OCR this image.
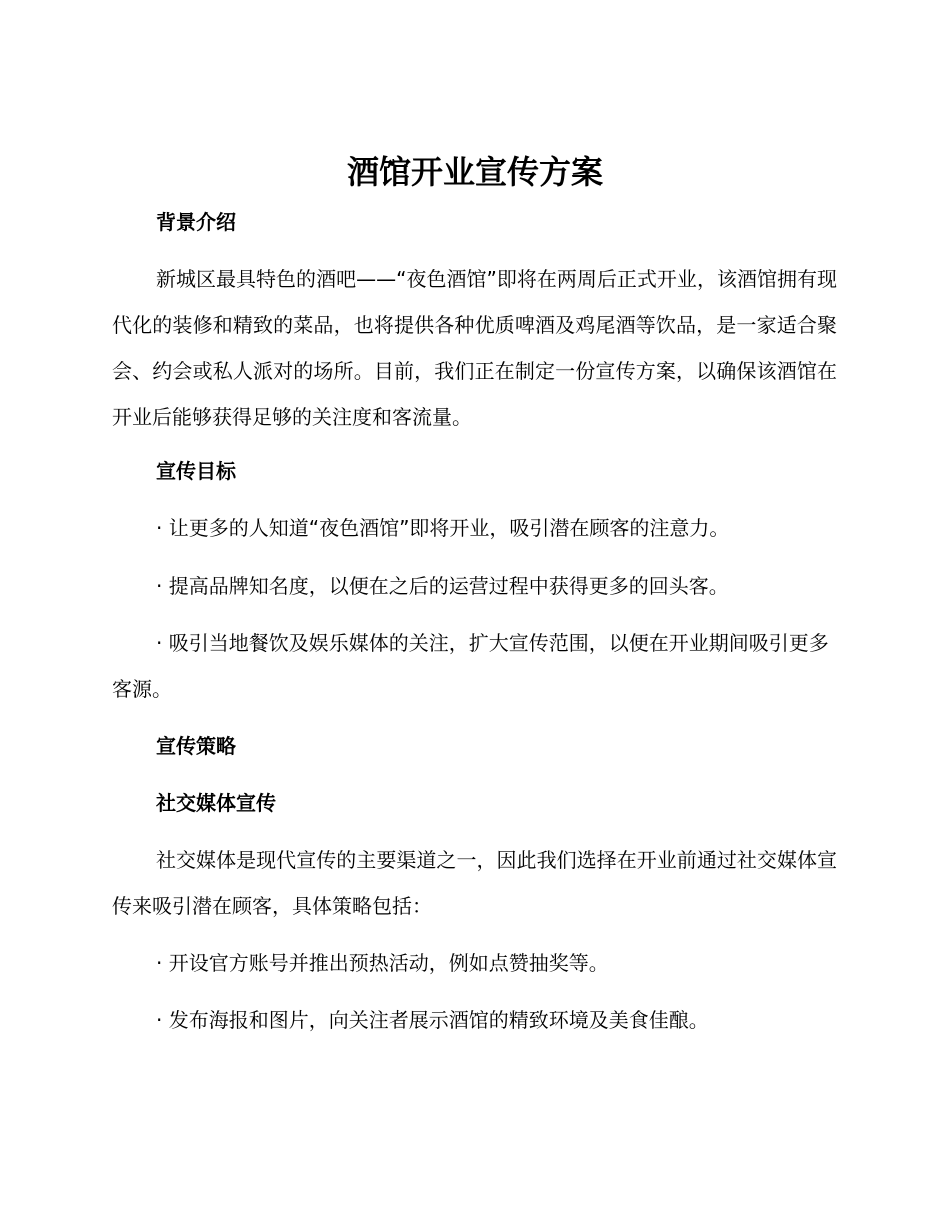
酒馆开业宣传方案
背景介绍

新城区最具特色的酒吧——“夜色酒馆”即将在两周后正式开业，该酒馆拥有现代化的装修和精致的菜品，也将提供各种优质啤酒及鸡尾酒等饮品，是一家适合聚会、约会或私人派对的场所。目前，我们正在制定一份宣传方案，以确保该酒馆在开业后能够获得足够的关注度和客流量。

宣传目标

· 让更多的人知道“夜色酒馆”即将开业，吸引潜在顾客的注意力。

· 提高品牌知名度，以便在之后的运营过程中获得更多的回头客。

· 吸引当地餐饮及娱乐媒体的关注，扩大宣传范围，以便在开业期间吸引更多客源。

宣传策略
社交媒体宣传

社交媒体是现代宣传的主要渠道之一，因此我们选择在开业前通过社交媒体宣传来吸引潜在顾客，具体策略包括：

· 开设官方账号并推出预热活动，例如点赞抽奖等。

· 发布海报和图片，向关注者展示酒馆的精致环境及美食佳酿。
